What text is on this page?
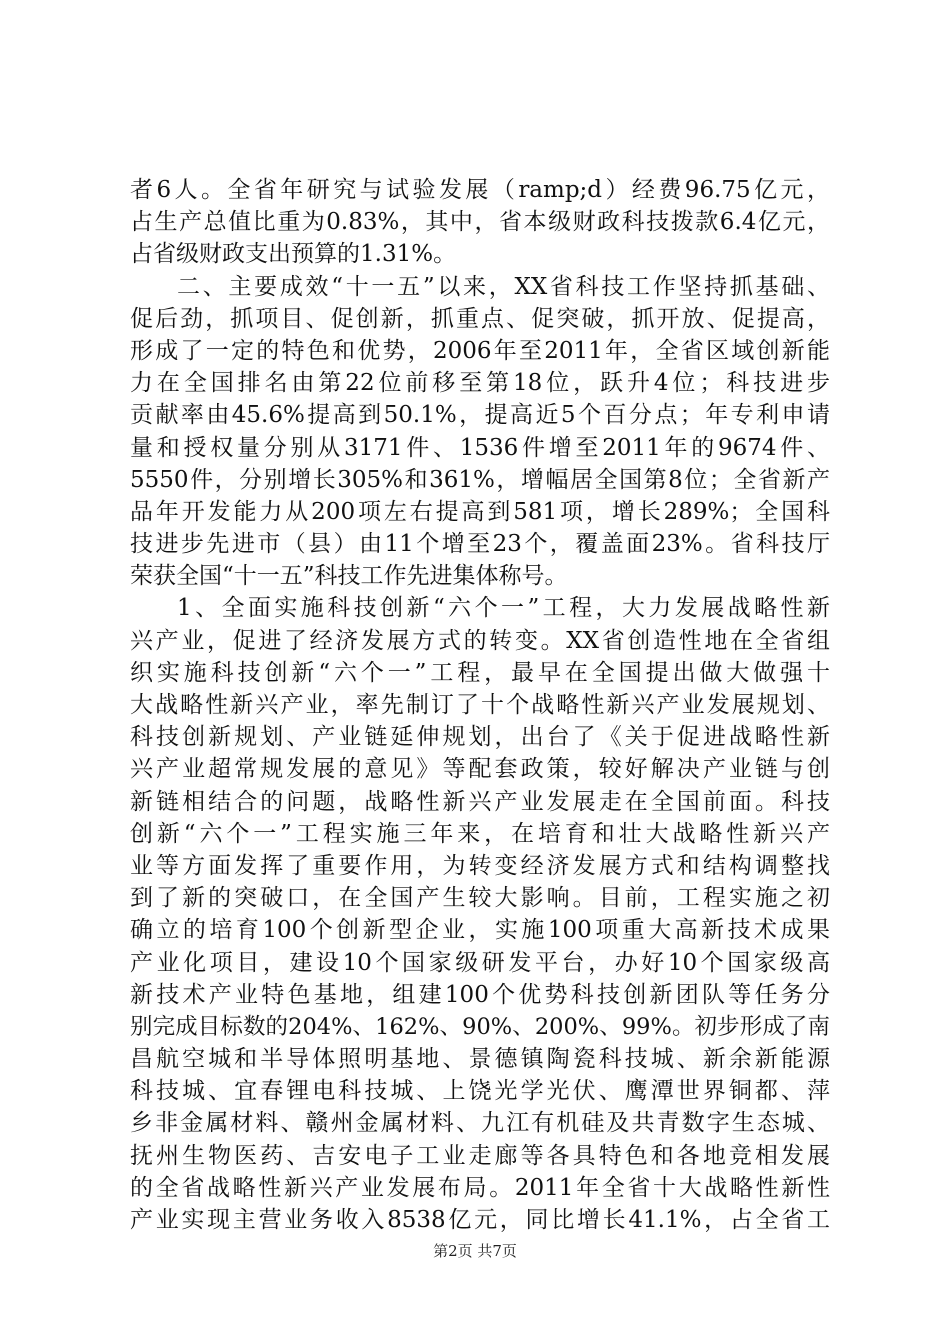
者6人。全省年研究与试验发展（ramp;d）经费96.75亿元，
占生产总值比重为0.83%，其中，省本级财政科技拨款6.4亿元，
占省级财政支出预算的1.31%。
二、主要成效“十一五”以来，XX省科技工作坚持抓基础、
促后劲，抓项目、促创新，抓重点、促突破，抓开放、促提高，
形成了一定的特色和优势，2006年至2011年，全省区域创新能
力在全国排名由第22位前移至第18位，跃升4位；科技进步
贡献率由45.6%提高到50.1%，提高近5个百分点；年专利申请
量和授权量分别从3171件、1536件增至2011年的9674件、
5550件，分别增长305%和361%，增幅居全国第8位；全省新产
品年开发能力从200项左右提高到581项，增长289%；全国科
技进步先进市（县）由11个增至23个，覆盖面23%。省科技厅
荣获全国“十一五”科技工作先进集体称号。
1、全面实施科技创新“六个一”工程，大力发展战略性新
兴产业，促进了经济发展方式的转变。XX省创造性地在全省组
织实施科技创新“六个一”工程，最早在全国提出做大做强十
大战略性新兴产业，率先制订了十个战略性新兴产业发展规划、
科技创新规划、产业链延伸规划，出台了《关于促进战略性新
兴产业超常规发展的意见》等配套政策，较好解决产业链与创
新链相结合的问题，战略性新兴产业发展走在全国前面。科技
创新“六个一”工程实施三年来，在培育和壮大战略性新兴产
业等方面发挥了重要作用，为转变经济发展方式和结构调整找
到了新的突破口，在全国产生较大影响。目前，工程实施之初
确立的培育100个创新型企业，实施100项重大高新技术成果
产业化项目，建设10个国家级研发平台，办好10个国家级高
新技术产业特色基地，组建100个优势科技创新团队等任务分
别完成目标数的204%、162%、90%、200%、99%。初步形成了南
昌航空城和半导体照明基地、景德镇陶瓷科技城、新余新能源
科技城、宜春锂电科技城、上饶光学光伏、鹰潭世界铜都、萍
乡非金属材料、赣州金属材料、九江有机硅及共青数字生态城、
抚州生物医药、吉安电子工业走廊等各具特色和各地竞相发展
的全省战略性新兴产业发展布局。2011年全省十大战略性新性
产业实现主营业务收入8538亿元，同比增长41.1%，占全省工
第2页 共7页
